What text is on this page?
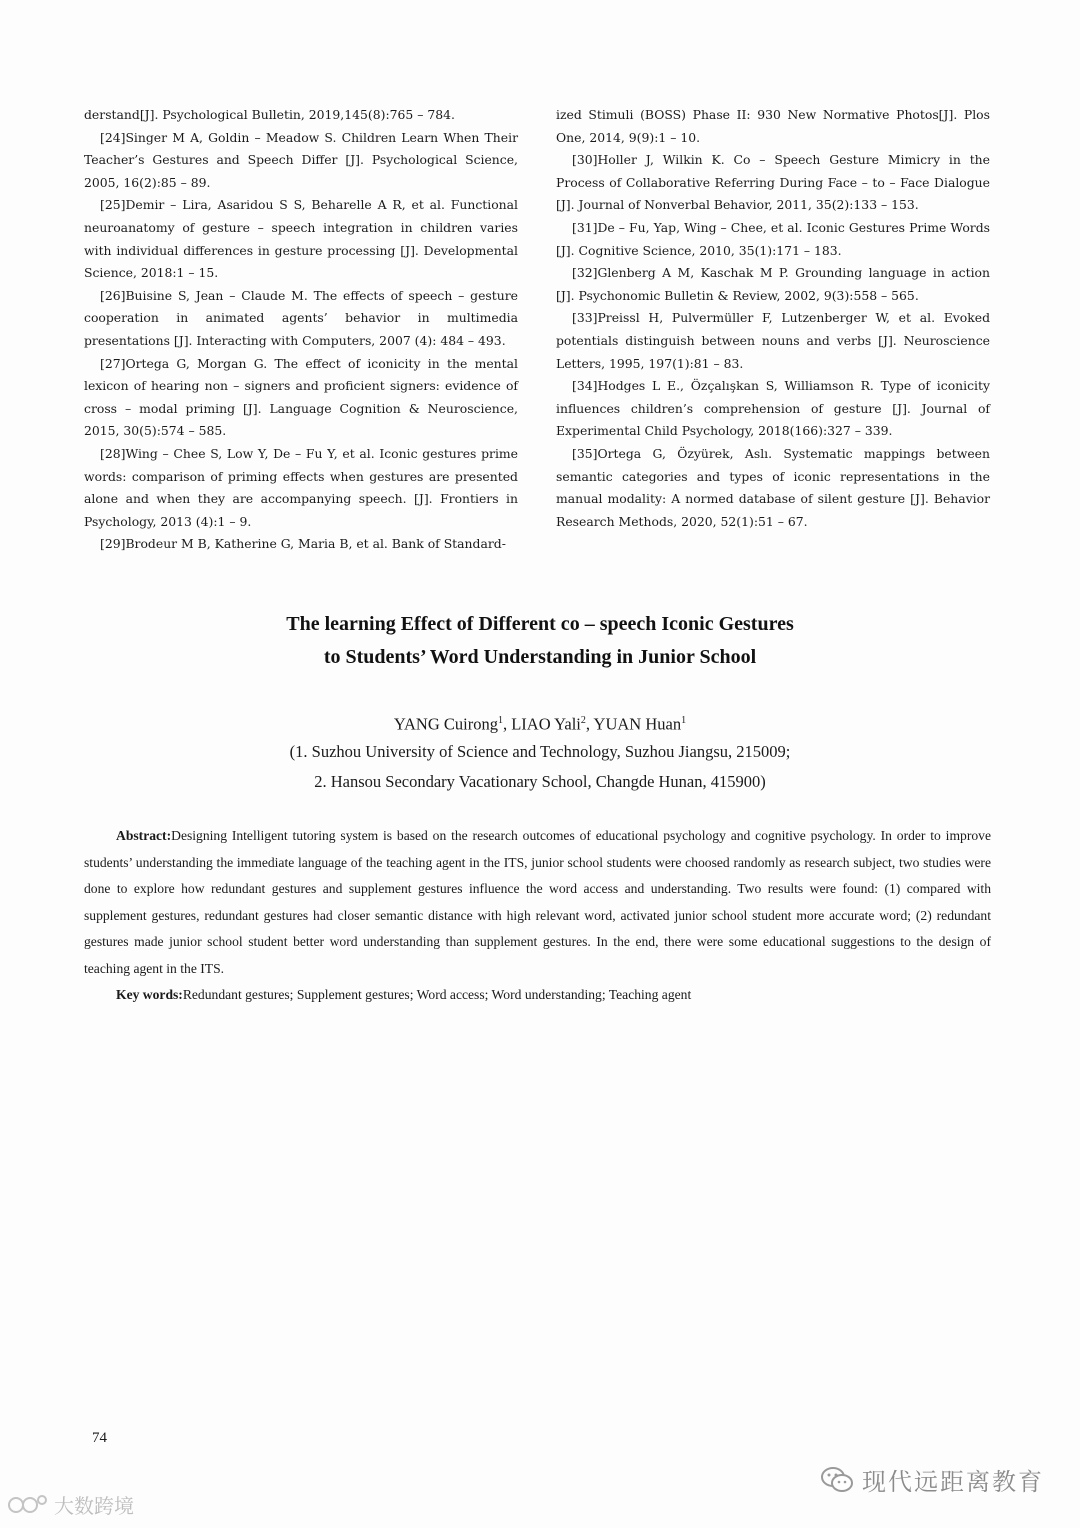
derstand[J]. Psychological Bulletin, 2019,145(8):765 – 784.

[24]Singer M A, Goldin – Meadow S. Children Learn When Their Teacher’s Gestures and Speech Differ [J]. Psychological Science, 2005, 16(2):85 – 89.

[25]Demir – Lira, Asaridou S S, Beharelle A R, et al. Functional neuroanatomy of gesture – speech integration in children varies with individual differences in gesture processing [J]. Developmental Science, 2018:1 – 15.

[26]Buisine S, Jean – Claude M. The effects of speech – gesture cooperation in animated agents’ behavior in multimedia presentations [J]. Interacting with Computers, 2007 (4): 484 – 493.

[27]Ortega G, Morgan G. The effect of iconicity in the mental lexicon of hearing non – signers and proficient signers: evidence of cross – modal priming [J]. Language Cognition & Neuroscience, 2015, 30(5):574 – 585.

[28]Wing – Chee S, Low Y, De – Fu Y, et al. Iconic gestures prime words: comparison of priming effects when gestures are presented alone and when they are accompanying speech. [J]. Frontiers in Psychology, 2013 (4):1 – 9.

[29]Brodeur M B, Katherine G, Maria B, et al. Bank of Standard-

ized Stimuli (BOSS) Phase II: 930 New Normative Photos[J]. Plos One, 2014, 9(9):1 – 10.

[30]Holler J, Wilkin K. Co – Speech Gesture Mimicry in the Process of Collaborative Referring During Face – to – Face Dialogue [J]. Journal of Nonverbal Behavior, 2011, 35(2):133 – 153.

[31]De – Fu, Yap, Wing – Chee, et al. Iconic Gestures Prime Words [J]. Cognitive Science, 2010, 35(1):171 – 183.

[32]Glenberg A M, Kaschak M P. Grounding language in action [J]. Psychonomic Bulletin & Review, 2002, 9(3):558 – 565.

[33]Preissl H, Pulvermüller F, Lutzenberger W, et al. Evoked potentials distinguish between nouns and verbs [J]. Neuroscience Letters, 1995, 197(1):81 – 83.

[34]Hodges L E., Özçalışkan S, Williamson R. Type of iconicity influences children’s comprehension of gesture [J]. Journal of Experimental Child Psychology, 2018(166):327 – 339.

[35]Ortega G, Özyürek, Aslı. Systematic mappings between semantic categories and types of iconic representations in the manual modality: A normed database of silent gesture [J]. Behavior Research Methods, 2020, 52(1):51 – 67.

The learning Effect of Different co – speech Iconic Gestures
to Students’ Word Understanding in Junior School
YANG Cuirong$^1$, LIAO Yali$^2$, YUAN Huan$^1$
(1. Suzhou University of Science and Technology, Suzhou Jiangsu, 215009;
2. Hansou Secondary Vacationary School, Changde Hunan, 415900)

Abstract:Designing Intelligent tutoring system is based on the research outcomes of educational psychology and cognitive psychology. In order to improve students’ understanding the immediate language of the teaching agent in the ITS, junior school students were choosed randomly as research subject, two studies were done to explore how redundant gestures and supplement gestures influence the word access and understanding. Two results were found: (1) compared with supplement gestures, redundant gestures had closer semantic distance with high relevant word, activated junior school student more accurate word; (2) redundant gestures made junior school student better word understanding than supplement gestures. In the end, there were some educational suggestions to the design of teaching agent in the ITS.

Key words:Redundant gestures; Supplement gestures; Word access; Word understanding; Teaching agent

74
现代远距离教育
大数跨境
